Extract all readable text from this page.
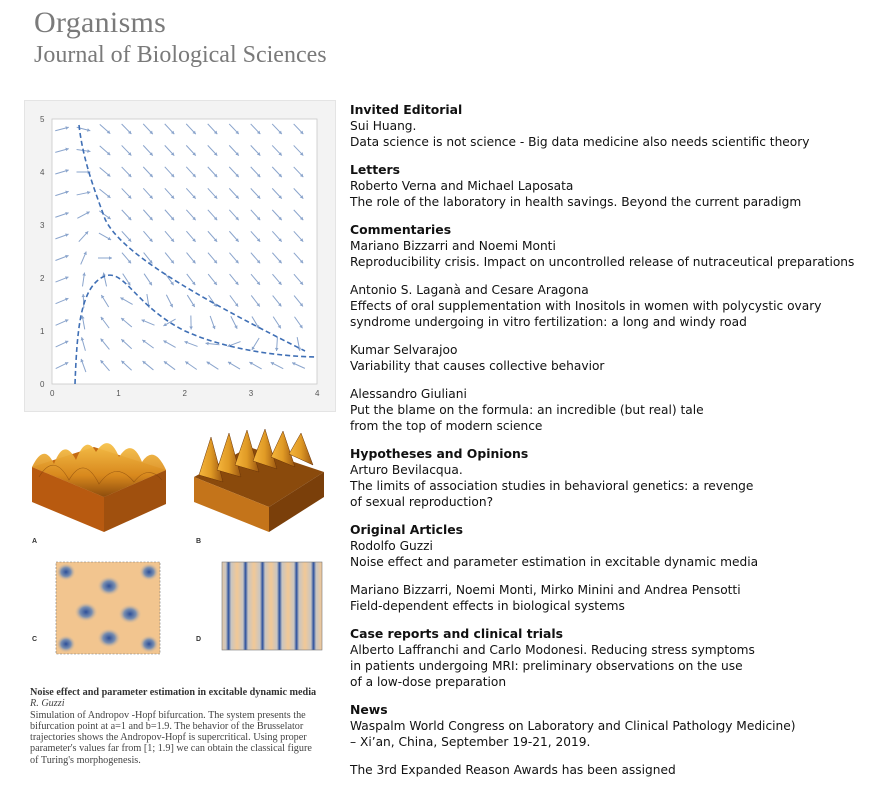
Organisms
Journal of Biological Sciences
0	1	2	3	4
0
1
2
3
4
5
A	B
C	D
Noise effect and parameter estimation in excitable dynamic media
R. Guzzi
Simulation of Andropov -Hopf bifurcation. The system presents the
bifurcation point at a=1 and b=1.9. The behavior of the Brusselator
trajectories shows the Andropov-Hopf is supercritical. Using proper
parameter's values far from [1; 1.9] we can obtain the classical figure
of Turing's morphogenesis.
Invited Editorial
Sui Huang.
Data science is not science - Big data medicine also needs scientific theory
Letters
Roberto Verna and Michael Laposata
The role of the laboratory in health savings. Beyond the current paradigm
Commentaries
Mariano Bizzarri and Noemi Monti
Reproducibility crisis. Impact on uncontrolled release of nutraceutical preparations
Antonio S. Laganà and Cesare Aragona
Effects of oral supplementation with Inositols in women with polycystic ovary
syndrome undergoing in vitro fertilization: a long and windy road
Kumar Selvarajoo
Variability that causes collective behavior
Alessandro Giuliani
Put the blame on the formula: an incredible (but real) tale
from the top of modern science
Hypotheses and Opinions
Arturo Bevilacqua.
The limits of association studies in behavioral genetics: a revenge
of sexual reproduction?
Original Articles
Rodolfo Guzzi
Noise effect and parameter estimation in excitable dynamic media
Mariano Bizzarri, Noemi Monti, Mirko Minini and Andrea Pensotti
Field-dependent effects in biological systems
Case reports and clinical trials
Alberto Laffranchi and Carlo Modonesi. Reducing stress symptoms
in patients undergoing MRI: preliminary observations on the use
of a low-dose preparation
News
Waspalm World Congress on Laboratory and Clinical Pathology Medicine)
– Xi’an, China, September 19-21, 2019.
The 3rd Expanded Reason Awards has been assigned
